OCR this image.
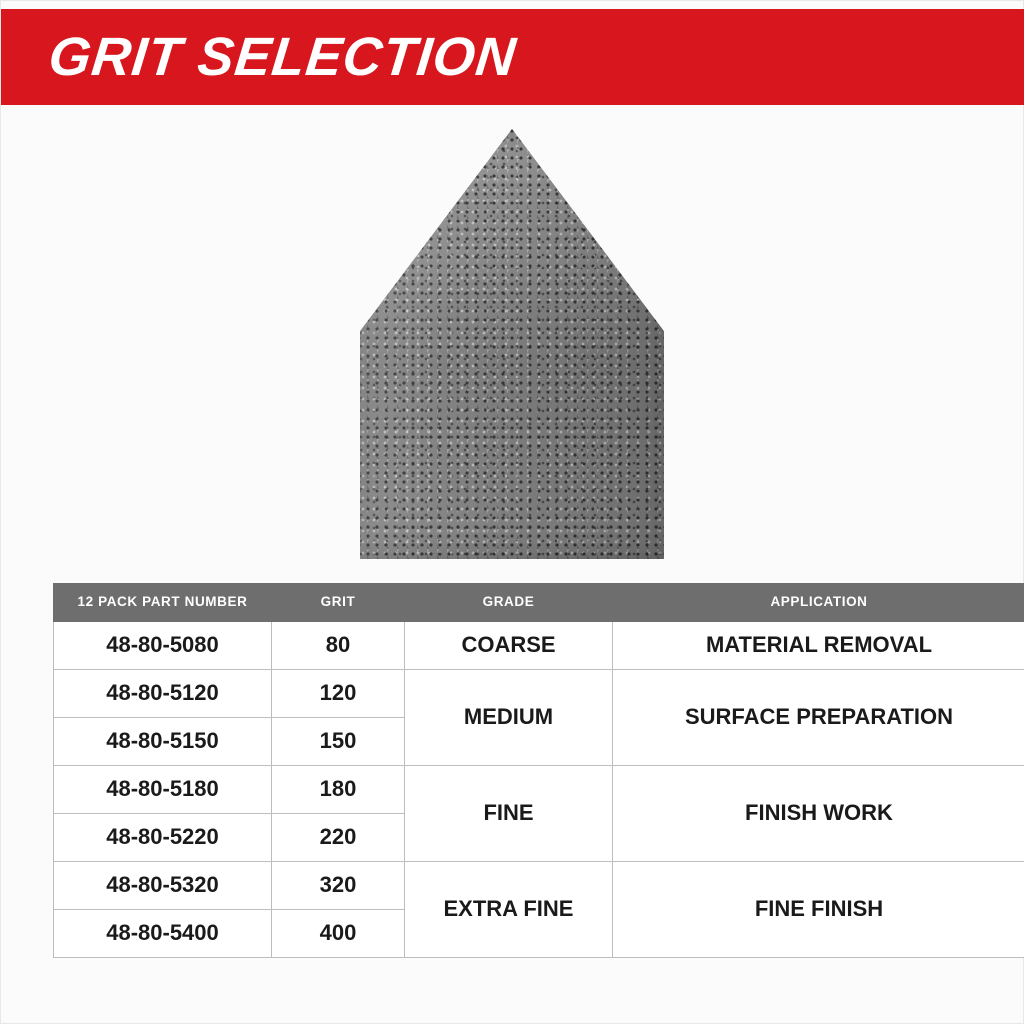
GRIT SELECTION
12 PACK PART NUMBER	GRIT	GRADE	APPLICATION
48-80-5080	80	COARSE	MATERIAL REMOVAL
48-80-5120	120	MEDIUM	SURFACE PREPARATION
48-80-5150	150		
48-80-5180	180	FINE	FINISH WORK
48-80-5220	220		
48-80-5320	320	EXTRA FINE	FINE FINISH
48-80-5400	400		
